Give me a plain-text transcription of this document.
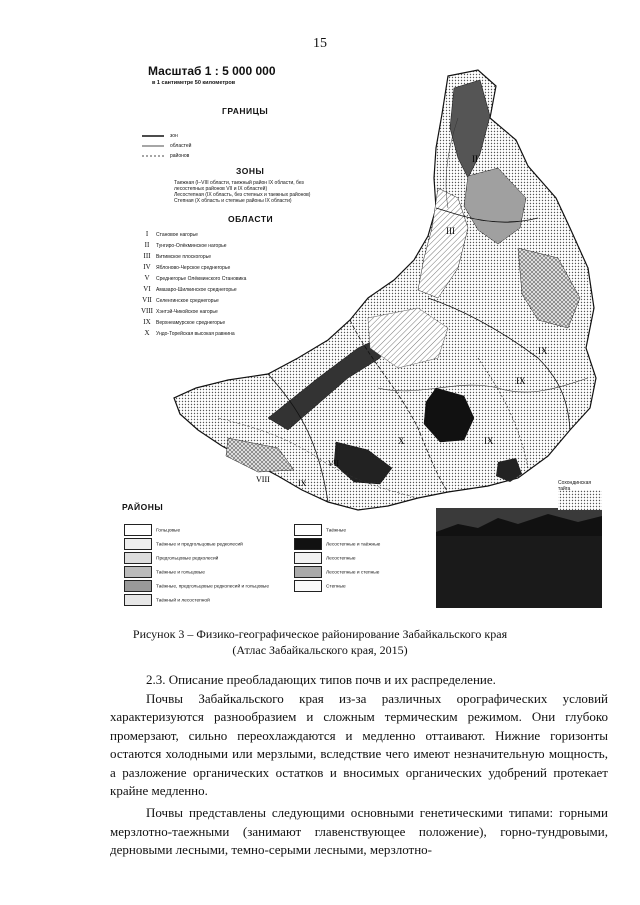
15
III
II
IX
IX
X	IX
VII
VIII	IX
Масштаб 1 : 5 000 000
в 1 сантиметре 50 километров
ГРАНИЦЫ
зон
областей
районов
ЗОНЫ
Таежная (I–VIII области, таежный район IX области, без
лесостепных районов VII и IX областей)
Лесостепная (IX область, без степных и таежных районов)
Степная (X область и степные районы IX области)
ОБЛАСТИ
I Становое нагорье
II Тунгиро-Олёкминское нагорье
III Витимское плоскогорье
IV Яблоново-Черское среднегорье
V Среднегорье Олёкминского Становика
VI Амазаро-Шилкинское среднегорье
VII Селенгинское среднегорье
VIII Хэнтэй-Чикойское нагорье
IX Верхнеамурское среднегорье
X Ундо-Торейская высокая равнина
Сохондинская тайга
РАЙОНЫ
Гольцовые
Таёжные и предгольцовые редколесий
Предгольцовые редколесий
Таёжные и гольцовые
Таёжные, предгольцовые редколесий и гольцовые
Таёжный и лесостепной
Таёжные
Лесостепные и таёжные
Лесостепные
Лесостепные и степные
Степные
Рисунок 3 – Физико-географическое районирование Забайкальского края
(Атлас Забайкальского края, 2015)
2.3. Описание преобладающих типов почв и их распределение.

Почвы Забайкальского края из-за различных орографических условий характеризуются разнообразием и сложным термическим режимом. Они глубоко промерзают, сильно переохлаждаются и медленно оттаивают. Нижние горизонты остаются холодными или мерзлыми, вследствие чего имеют незначительную мощность, а разложение органических остатков и вносимых органических удобрений протекает крайне медленно.

Почвы представлены следующими основными генетическими типами: горными мерзлотно-таежными (занимают главенствующее положение), горно-тундровыми, дерновыми лесными, темно-серыми лесными, мерзлотно-
